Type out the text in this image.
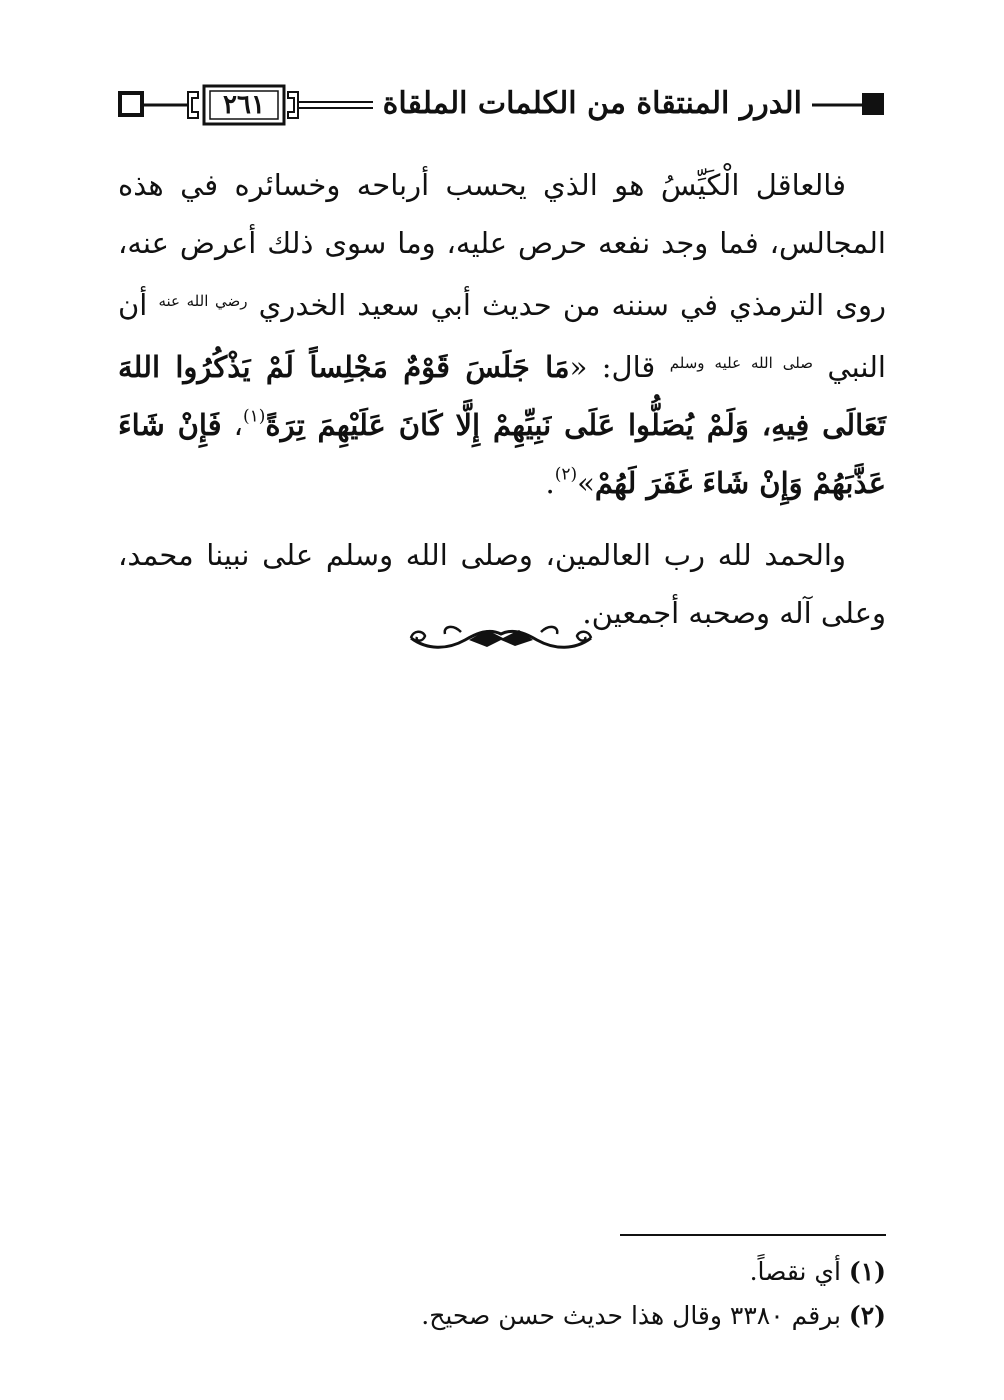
٢٦١	الدرر المنتقاة من الكلمات الملقاة

فالعاقل الْكَيِّسُ هو الذي يحسب أرباحه وخسائره في هذه المجالس، فما وجد نفعه حرص عليه، وما سوى ذلك أعرض عنه، روى الترمذي في سننه من حديث أبي سعيد الخدري $^{رضي الله عنه}$ أن النبي $^{صلى الله عليه وسلم}$ قال: «مَا جَلَسَ قَوْمٌ مَجْلِساً لَمْ يَذْكُرُوا اللهَ تَعَالَى فِيهِ، وَلَمْ يُصَلُّوا عَلَى نَبِيِّهِمْ إِلَّا كَانَ عَلَيْهِمَ تِرَةً$^{(١)}$، فَإِنْ شَاءَ عَذَّبَهُمْ وَإِنْ شَاءَ غَفَرَ لَهُمْ»$^{(٢)}$.

والحمد لله رب العالمين، وصلى الله وسلم على نبينا محمد، وعلى آله وصحبه أجمعين.

(١) أي نقصاً.

(٢) برقم ٣٣٨٠ وقال هذا حديث حسن صحيح.
